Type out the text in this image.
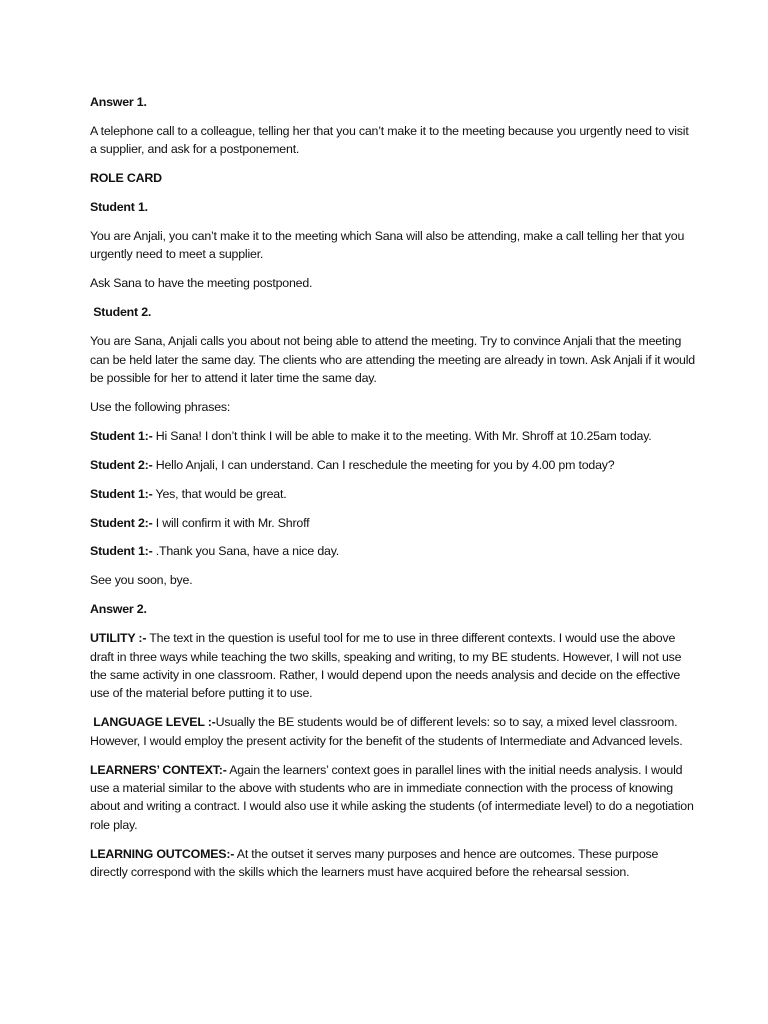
Answer 1.

A telephone call to a colleague, telling her that you can’t make it to the meeting because you urgently need to visit a supplier, and ask for a postponement.

ROLE CARD

Student 1.

You are Anjali, you can’t make it to the meeting which Sana will also be attending, make a call telling her that you urgently need to meet a supplier.

Ask Sana to have the meeting postponed.

Student 2.

You are Sana, Anjali calls you about not being able to attend the meeting. Try to convince Anjali that the meeting can be held later the same day. The clients who are attending the meeting are already in town. Ask Anjali if it would be possible for her to attend it later time the same day.

Use the following phrases:

Student 1:- Hi Sana! I don’t think I will be able to make it to the meeting. With Mr. Shroff at 10.25am today.

Student 2:- Hello Anjali, I can understand. Can I reschedule the meeting for you by 4.00 pm today?

Student 1:- Yes, that would be great.

Student 2:- I will confirm it with Mr. Shroff

Student 1:- .Thank you Sana, have a nice day.

See you soon, bye.

Answer 2.

UTILITY :- The text in the question is useful tool for me to use in three different contexts. I would use the above draft in three ways while teaching the two skills, speaking and writing, to my BE students. However, I will not use the same activity in one classroom. Rather, I would depend upon the needs analysis and decide on the effective use of the material before putting it to use.

LANGUAGE LEVEL :-Usually the BE students would be of different levels: so to say, a mixed level classroom. However, I would employ the present activity for the benefit of the students of Intermediate and Advanced levels.

LEARNERS’ CONTEXT:- Again the learners’ context goes in parallel lines with the initial needs analysis. I would use a material similar to the above with students who are in immediate connection with the process of knowing about and writing a contract. I would also use it while asking the students (of intermediate level) to do a negotiation role play.

LEARNING OUTCOMES:- At the outset it serves many purposes and hence are outcomes. These purpose directly correspond with the skills which the learners must have acquired before the rehearsal session.
